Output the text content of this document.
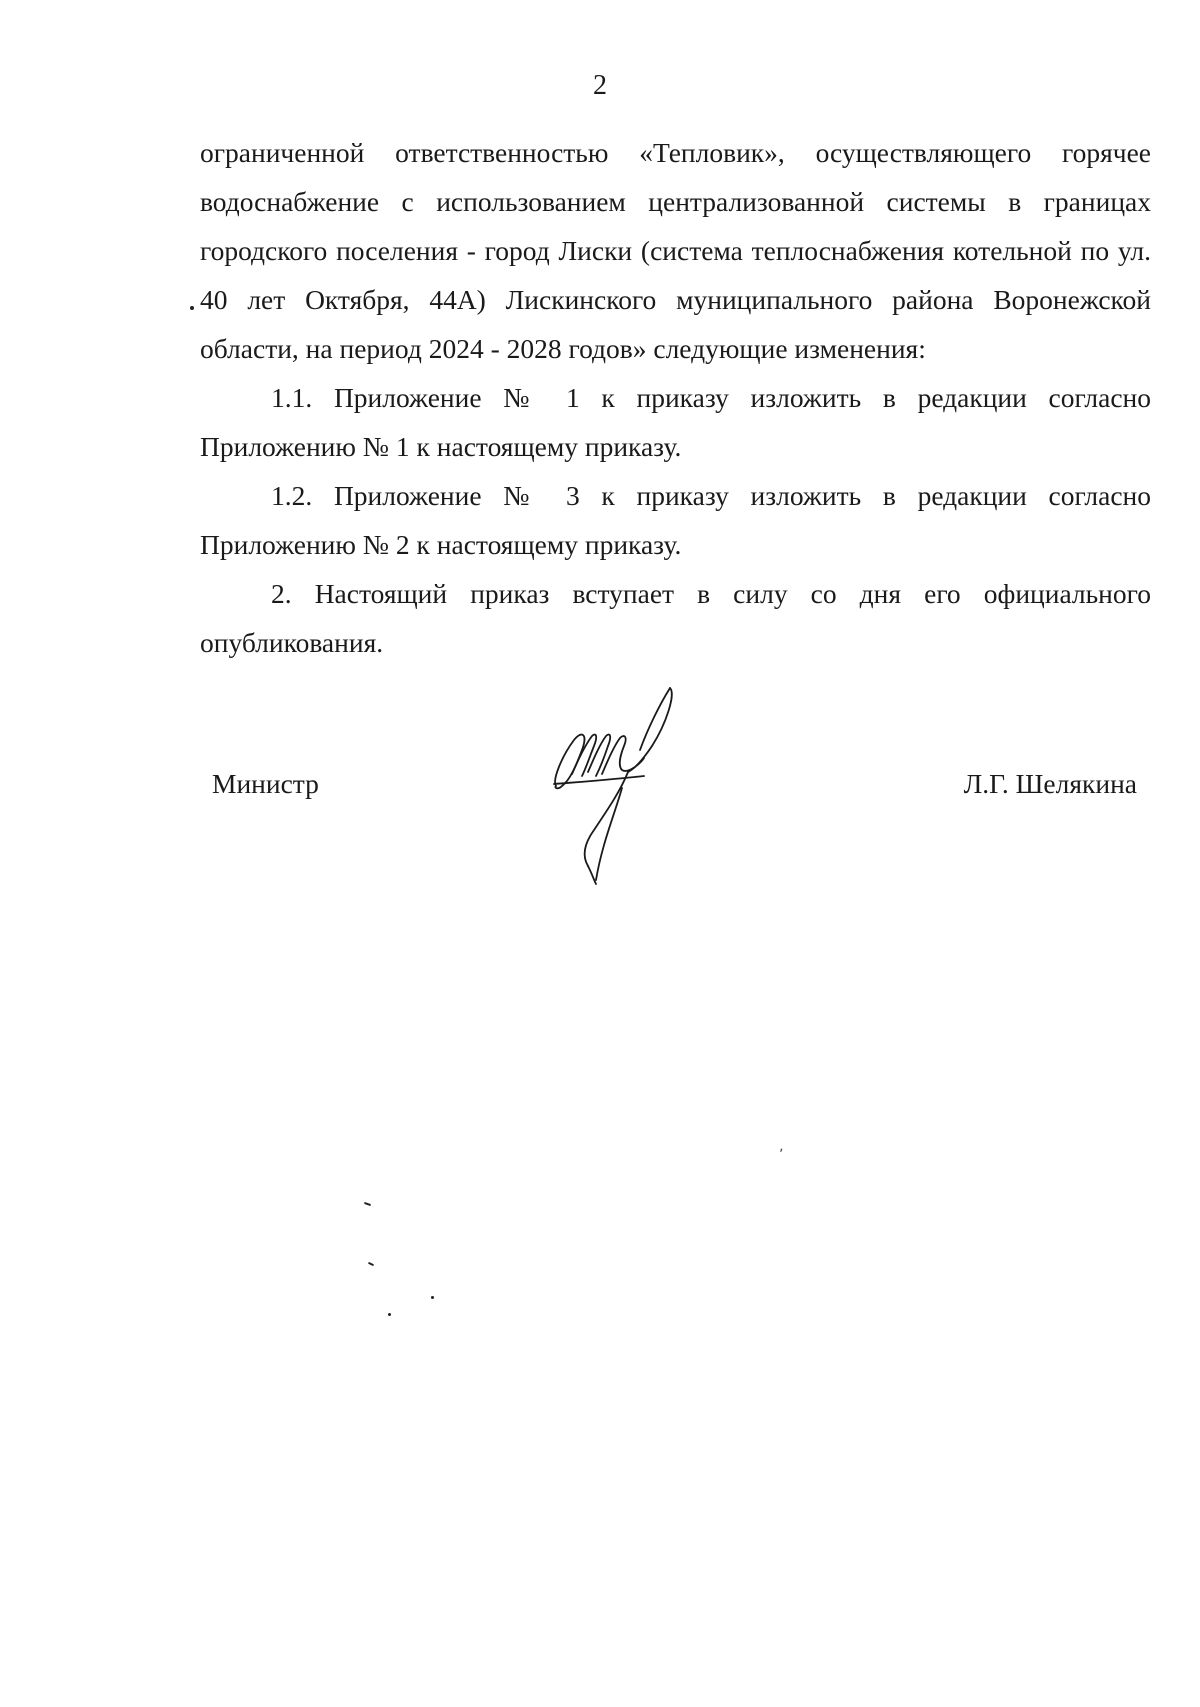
2

ограниченной ответственностью «Тепловик», осуществляющего горячее водоснабжение с использованием централизованной системы в границах городского поселения - город Лиски (система теплоснабжения котельной по ул. 40 лет Октября, 44А) Лискинского муниципального района Воронежской области, на период 2024 - 2028 годов» следующие изменения:

1.1. Приложение № 1 к приказу изложить в редакции согласно Приложению № 1 к настоящему приказу.

1.2. Приложение № 3 к приказу изложить в редакции согласно Приложению № 2 к настоящему приказу.

2. Настоящий приказ вступает в силу со дня его официального опубликования.

Министр	Л.Г. Шелякина
ʼ
